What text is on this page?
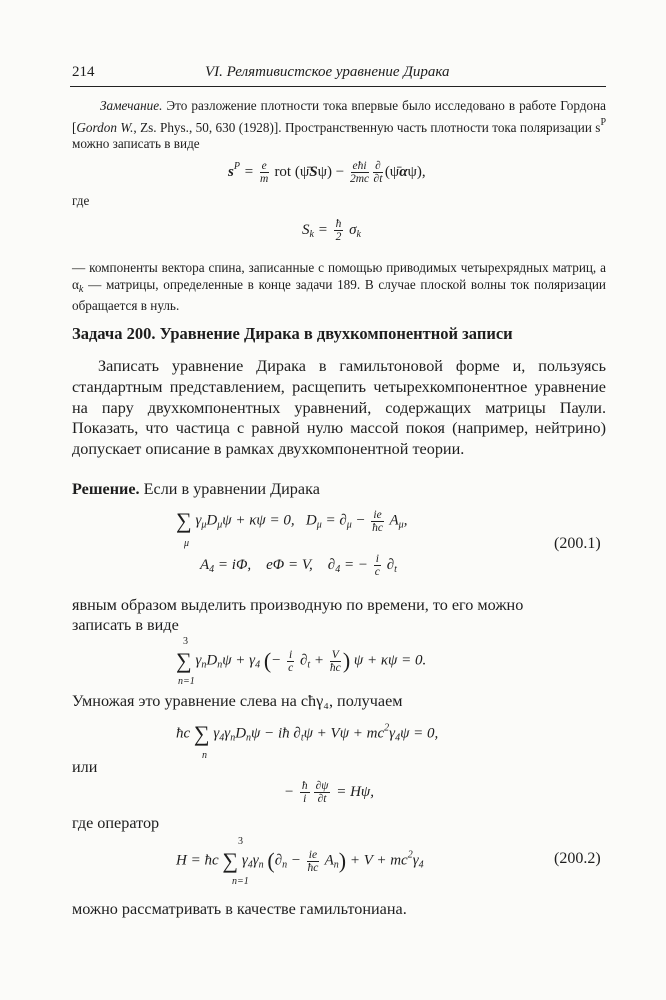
214	VI. Релятивистское уравнение Дирака

Замечание. Это разложение плотности тока впервые было исследовано в работе Гордона [Gordon W., Zs. Phys., 50, 630 (1928)]. Пространственную часть плотности тока поляризации $s^P$ можно записать в виде

$s^P = \frac{e}{m}$ rot (ψ̄Sψ) − $\frac{\text{eħi}}{2mc} \frac{\partial}{\partial t}$ (ψ̄αψ),
где
$S_k = \frac{ħ}{2} \sigma_k$

— компоненты вектора спина, записанные с помощью приводимых четырехрядных матриц, а $\alpha_k$ — матрицы, определенные в конце задачи 189. В случае плоской волны ток поляризации обращается в нуль.

Задача 200. Уравнение Дирака в двухкомпонентной записи

Записать уравнение Дирака в гамильтоновой форме и, пользуясь стандартным представлением, расщепить четырехкомпонентное уравнение на пару двухкомпонентных уравнений, содержащих матрицы Паули. Показать, что частица с равной нулю массой покоя (например, нейтрино) допускает описание в рамках двухкомпонентной теории.

Решение. Если в уравнении Дирака
∑ $\gamma_\mu D_\mu\psi + \kappa\psi = 0$,   $D_\mu = \partial_\mu - \frac{ie}{ħc} A_\mu$,
μ
$A_4 = i\Phi$,    eΦ = V,    $\partial_4$ = − $\frac{i}{c} \partial_t$
(200.1)
явным образом выделить производную по времени, то его можно
записать в виде
3
∑ $\gamma_nD_n\psi + \gamma_4$ (− $\frac{i}{c} \partial_t + \frac{V}{ħc}$ ) ψ + κψ = 0.
n=1
Умножая это уравнение слева на cħγ₄, получаем
ħc ∑ $\gamma_4\gamma_nD_n\psi$ − iħ $\partial_t\psi + V\psi + mc^2\gamma_4\psi = 0$,
n
или
− $\frac{ħ}{i} \frac{\partial\psi}{\partial t} = H\psi$,
где оператор
3
H = ħc ∑ $\gamma_4\gamma_n$ $(\partial_n - \frac{ie}{ħc} A_n) + V + mc^2\gamma_4$
n=1
(200.2)
можно рассматривать в качестве гамильтониана.
